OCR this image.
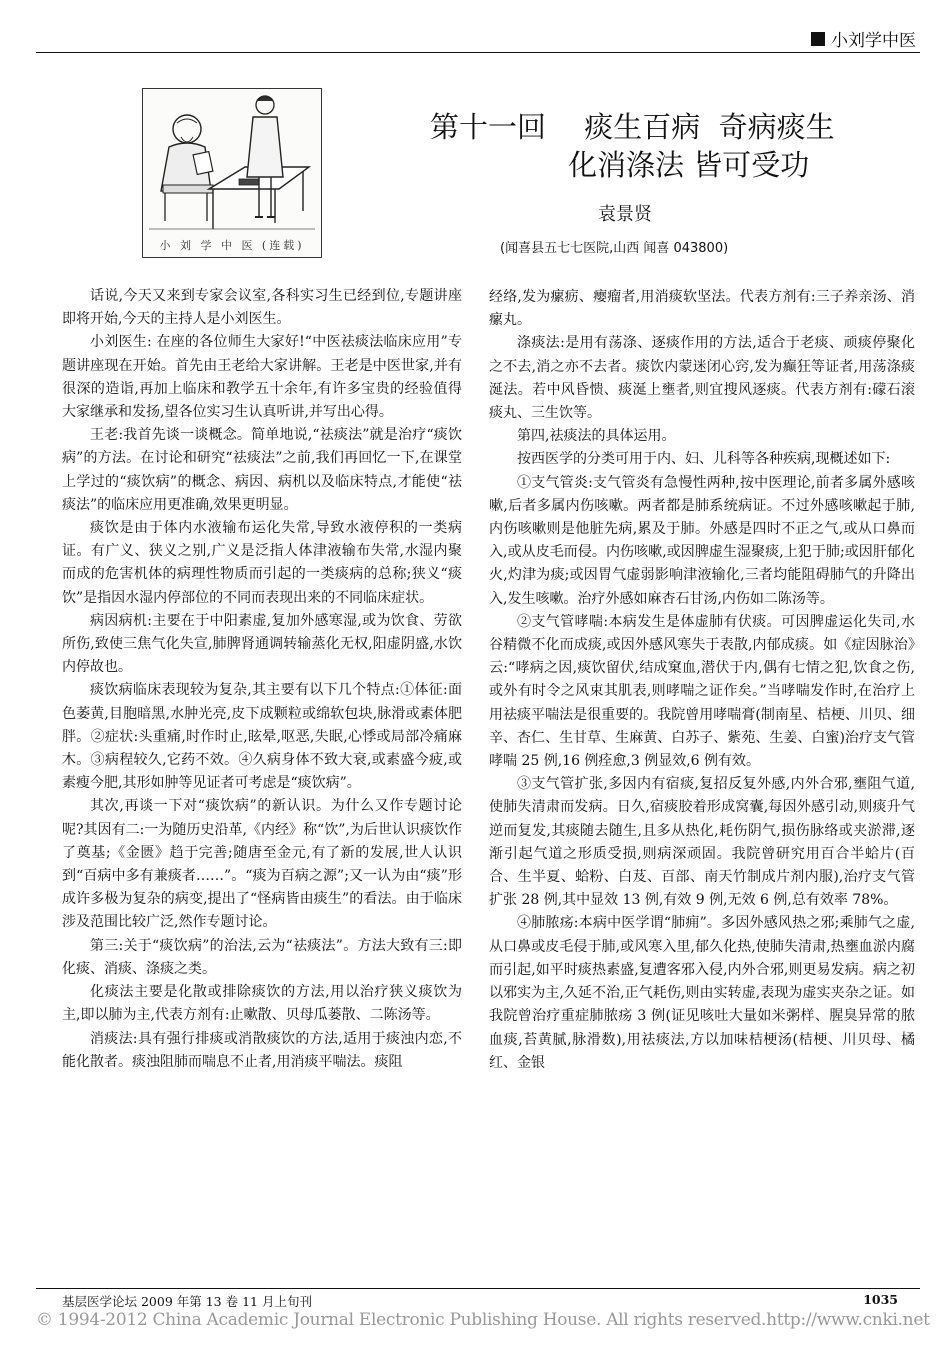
小刘学中医
小 刘 学 中 医 (连载)
第十一回　 痰生百病  奇病痰生
化消涤法 皆可受功
袁景贤
(闻喜县五七七医院,山西 闻喜 043800)

话说,今天又来到专家会议室,各科实习生已经到位,专题讲座即将开始,今天的主持人是小刘医生。

小刘医生: 在座的各位师生大家好!“中医祛痰法临床应用”专题讲座现在开始。首先由王老给大家讲解。王老是中医世家,并有很深的造诣,再加上临床和教学五十余年,有许多宝贵的经验值得大家继承和发扬,望各位实习生认真听讲,并写出心得。

王老:我首先谈一谈概念。简单地说,“祛痰法”就是治疗“痰饮病”的方法。在讨论和研究“祛痰法”之前,我们再回忆一下,在课堂上学过的“痰饮病”的概念、病因、病机以及临床特点,才能使“祛痰法”的临床应用更准确,效果更明显。

痰饮是由于体内水液输布运化失常,导致水液停积的一类病证。有广义、狭义之别,广义是泛指人体津液输布失常,水湿内聚而成的危害机体的病理性物质而引起的一类痰病的总称;狭义“痰饮”是指因水湿内停部位的不同而表现出来的不同临床症状。

病因病机:主要在于中阳素虚,复加外感寒湿,或为饮食、劳欲所伤,致使三焦气化失宣,肺脾肾通调转输蒸化无权,阳虚阴盛,水饮内停故也。

痰饮病临床表现较为复杂,其主要有以下几个特点:①体征:面色萎黄,目胞暗黑,水肿光亮,皮下成颗粒或绵软包块,脉滑或素体肥胖。②症状:头重痛,时作时止,眩晕,呕恶,失眠,心悸或局部冷痛麻木。③病程较久,它药不效。④久病身体不致大衰,或素盛今疲,或素瘦今肥,其形如肿等见证者可考虑是“痰饮病”。

其次,再谈一下对“痰饮病”的新认识。为什么又作专题讨论呢?其因有二:一为随历史沿革,《内经》称“饮”,为后世认识痰饮作了奠基;《金匮》趋于完善;随唐至金元,有了新的发展,世人认识到“百病中多有兼痰者……”。“痰为百病之源”;又一认为由“痰”形成许多极为复杂的病变,提出了“怪病皆由痰生”的看法。由于临床涉及范围比较广泛,然作专题讨论。

第三:关于“痰饮病”的治法,云为“祛痰法”。方法大致有三:即化痰、消痰、涤痰之类。

化痰法主要是化散或排除痰饮的方法,用以治疗狭义痰饮为主,即以肺为主,代表方剂有:止嗽散、贝母瓜蒌散、二陈汤等。

消痰法:具有强行排痰或消散痰饮的方法,适用于痰浊内恋,不能化散者。痰浊阻肺而喘息不止者,用消痰平喘法。痰阻

经络,发为瘰疬、瘿瘤者,用消痰软坚法。代表方剂有:三子养亲汤、消瘰丸。

涤痰法:是用有荡涤、逐痰作用的方法,适合于老痰、顽痰停聚化之不去,消之亦不去者。痰饮内蒙迷闭心窍,发为癫狂等证者,用荡涤痰涎法。若中风昏愦、痰涎上壅者,则宜搜风逐痰。代表方剂有:礞石滚痰丸、三生饮等。

第四,祛痰法的具体运用。

按西医学的分类可用于内、妇、儿科等各种疾病,现概述如下:

①支气管炎:支气管炎有急慢性两种,按中医理论,前者多属外感咳嗽,后者多属内伤咳嗽。两者都是肺系统病证。不过外感咳嗽起于肺,内伤咳嗽则是他脏先病,累及于肺。外感是四时不正之气,或从口鼻而入,或从皮毛而侵。内伤咳嗽,或因脾虚生湿聚痰,上犯于肺;或因肝郁化火,灼津为痰;或因胃气虚弱影响津液输化,三者均能阻碍肺气的升降出入,发生咳嗽。治疗外感如麻杏石甘汤,内伤如二陈汤等。

②支气管哮喘:本病发生是体虚肺有伏痰。可因脾虚运化失司,水谷精微不化而成痰,或因外感风寒失于表散,内郁成痰。如《症因脉治》云:“哮病之因,痰饮留伏,结成窠血,潜伏于内,偶有七情之犯,饮食之伤,或外有时令之风束其肌表,则哮喘之证作矣。”当哮喘发作时,在治疗上用祛痰平喘法是很重要的。我院曾用哮喘膏(制南星、桔梗、川贝、细辛、杏仁、生甘草、生麻黄、白苏子、紫苑、生姜、白蜜)治疗支气管哮喘 25 例,16 例痊愈,3 例显效,6 例有效。

③支气管扩张,多因内有宿痰,复招反复外感,内外合邪,壅阻气道,使肺失清肃而发病。日久,宿痰胶着形成窝囊,每因外感引动,则痰升气逆而复发,其痰随去随生,且多从热化,耗伤阴气,损伤脉络或夹淤滞,逐渐引起气道之形质受损,则病深顽固。我院曾研究用百合半蛤片(百合、生半夏、蛤粉、白芨、百部、南天竹制成片剂内服),治疗支气管扩张 28 例,其中显效 13 例,有效 9 例,无效 6 例,总有效率 78%。

④肺脓疡:本病中医学谓“肺痈”。多因外感风热之邪;乘肺气之虚,从口鼻或皮毛侵于肺,或风寒入里,郁久化热,使肺失清肃,热壅血淤内腐而引起,如平时痰热素盛,复遭客邪入侵,内外合邪,则更易发病。病之初以邪实为主,久延不治,正气耗伤,则由实转虚,表现为虚实夹杂之证。如我院曾治疗重症肺脓疡 3 例(证见咳吐大量如米粥样、腥臭异常的脓血痰,苔黄腻,脉滑数),用祛痰法,方以加味桔梗汤(桔梗、川贝母、橘红、金银

基层医学论坛 2009 年第 13 卷 11 月上旬刊	1035
© 1994-2012 China Academic Journal Electronic Publishing House. All rights reserved. http://www.cnki.net
